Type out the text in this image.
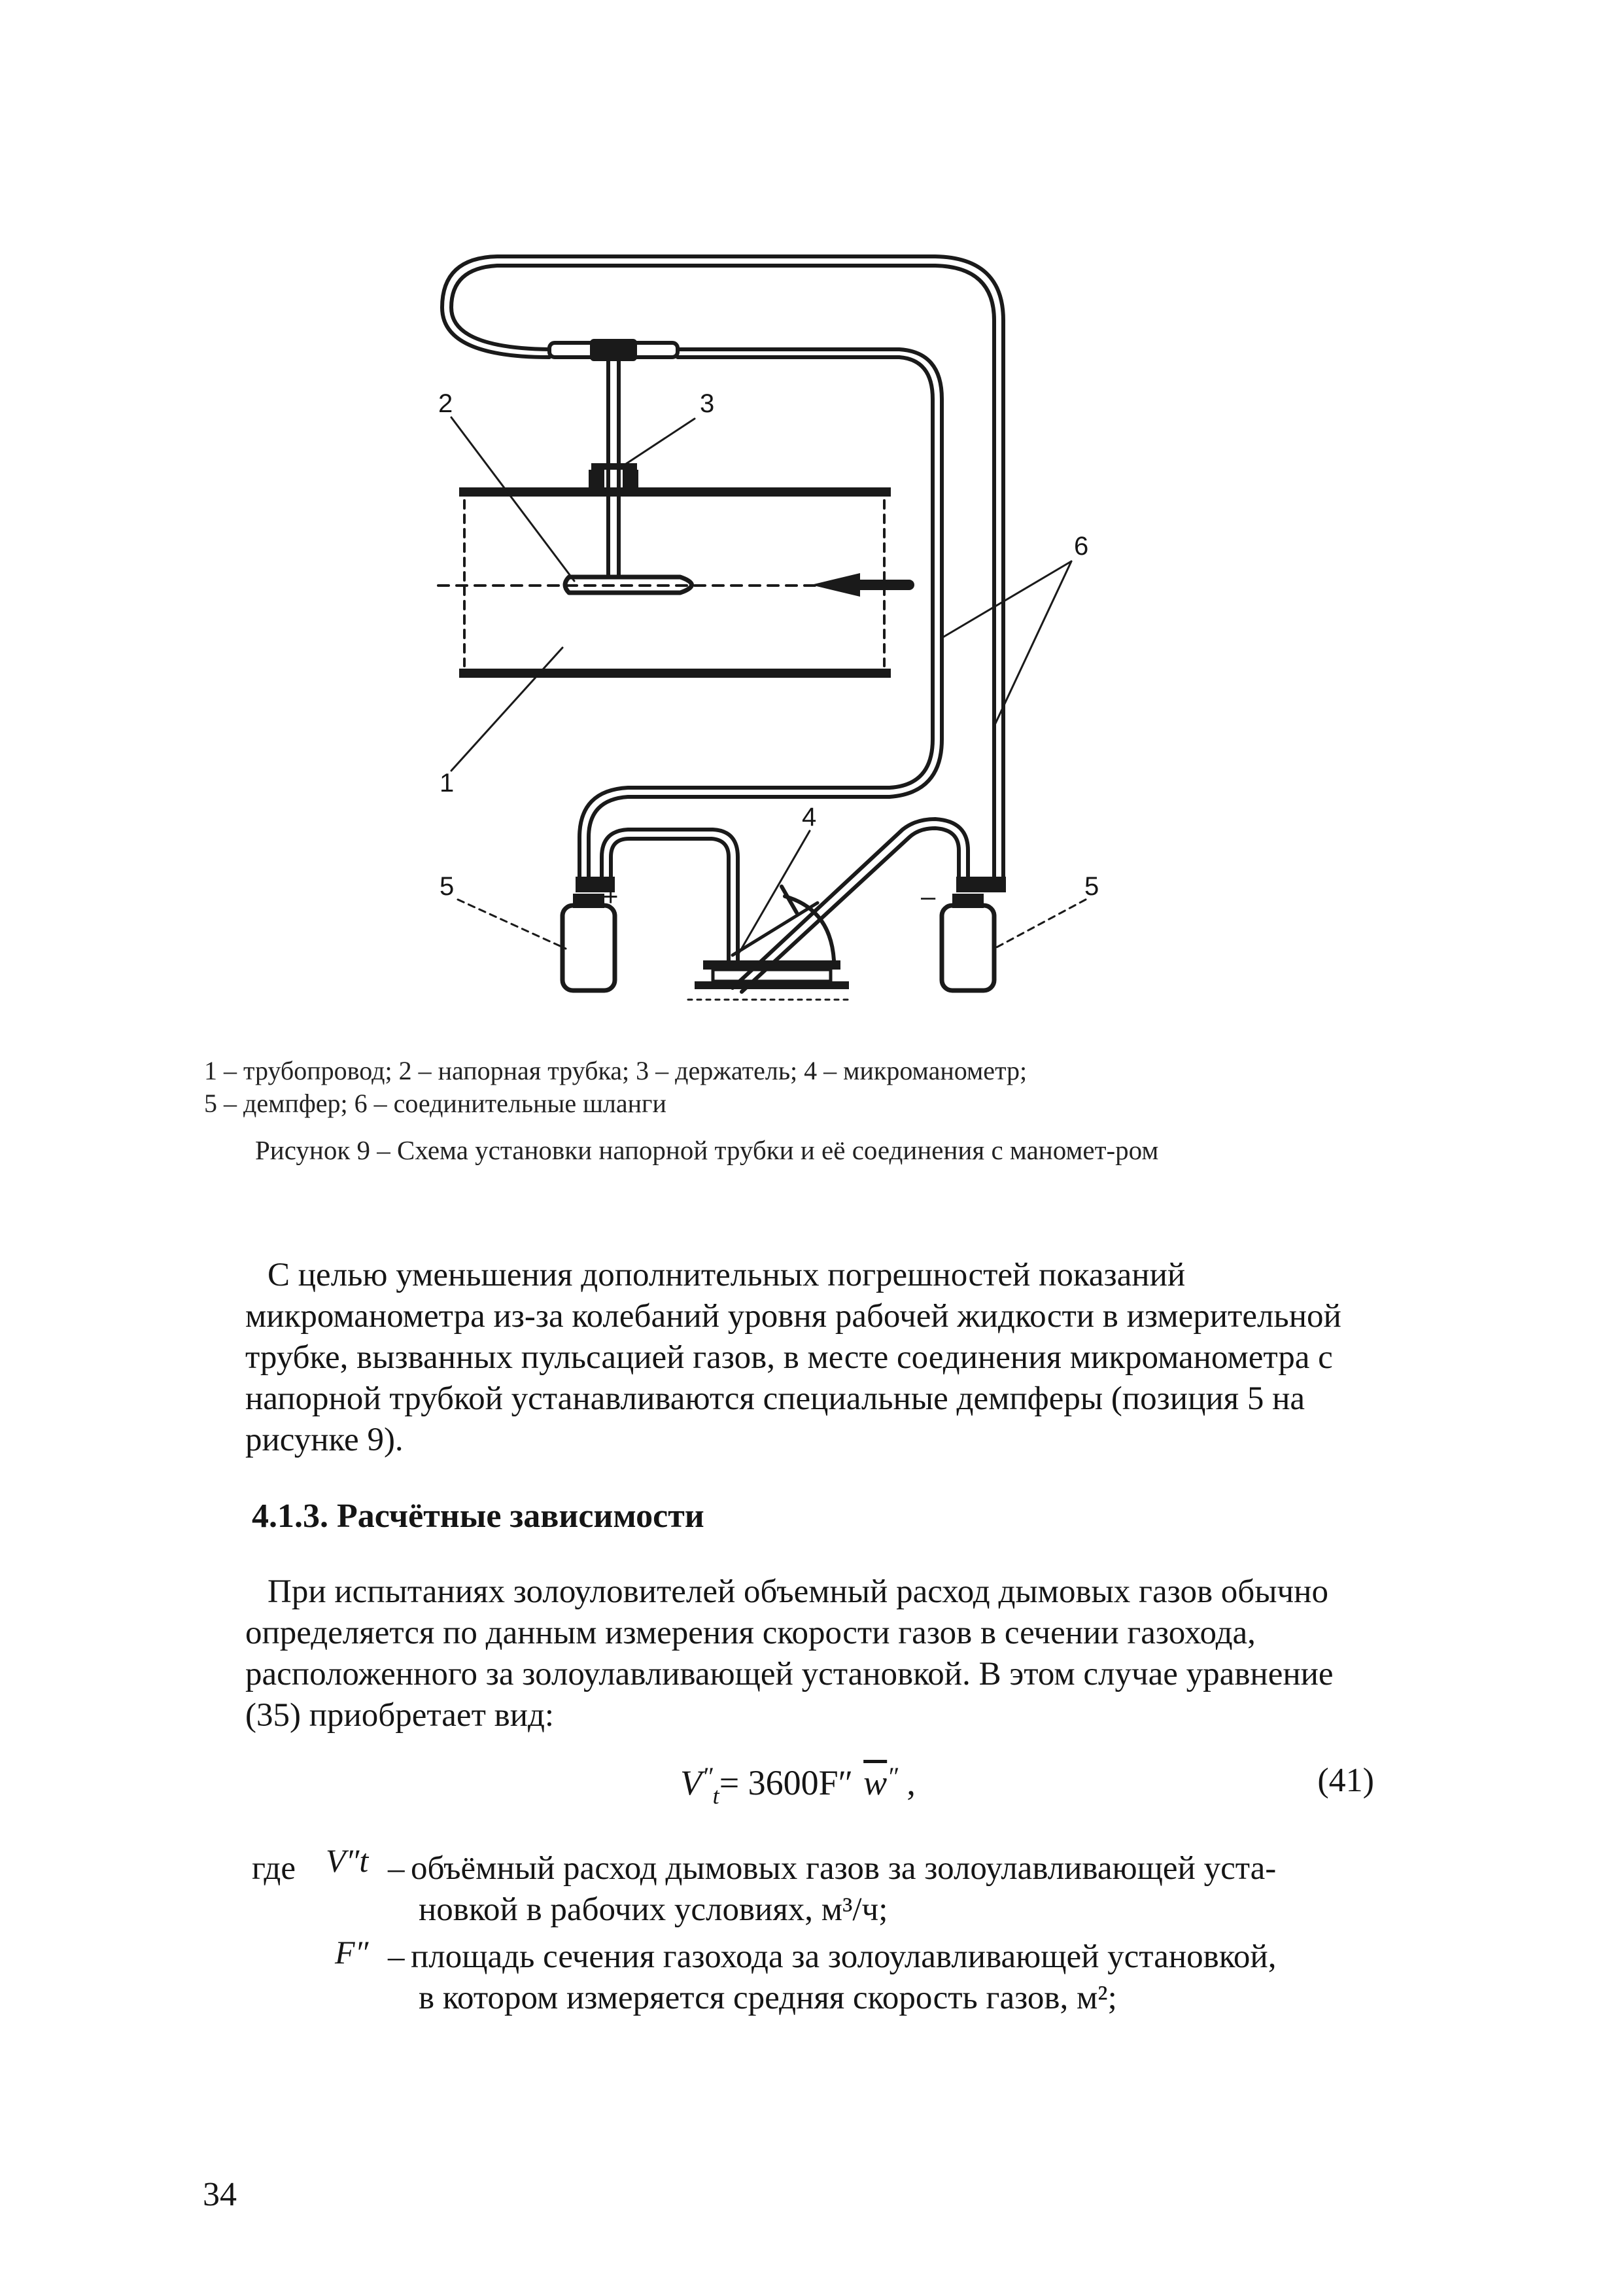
2	3
6
1
4
5	5
+	–
1 – трубопровод; 2 – напорная трубка; 3 – держатель; 4 – микроманометр;
5 – демпфер; 6 – соединительные шланги
Рисунок 9 – Схема установки напорной трубки и её соединения с маномет-ром

С целью уменьшения дополнительных погрешностей показаний микроманометра из-за колебаний уровня рабочей жидкости в измерительной трубке, вызванных пульсацией газов, в месте соединения микроманометра с напорной трубкой устанавливаются специальные демпферы (позиция 5 на рисунке 9).

4.1.3. Расчётные зависимости

При испытаниях золоуловителей объемный расход дымовых газов обычно определяется по данным измерения скорости газов в сечении газохода, расположенного за золоулавливающей установкой. В этом случае уравнение (35) приобретает вид:

$V''_t= 3600F''$ $\overline{w}''$ ,	(41)
где V″t – объёмный расход дымовых газов за золоулавливающей уста-
новкой в рабочих условиях, м³/ч;
F″ – площадь сечения газохода за золоулавливающей установкой,
в котором измеряется средняя скорость газов, м²;
34
